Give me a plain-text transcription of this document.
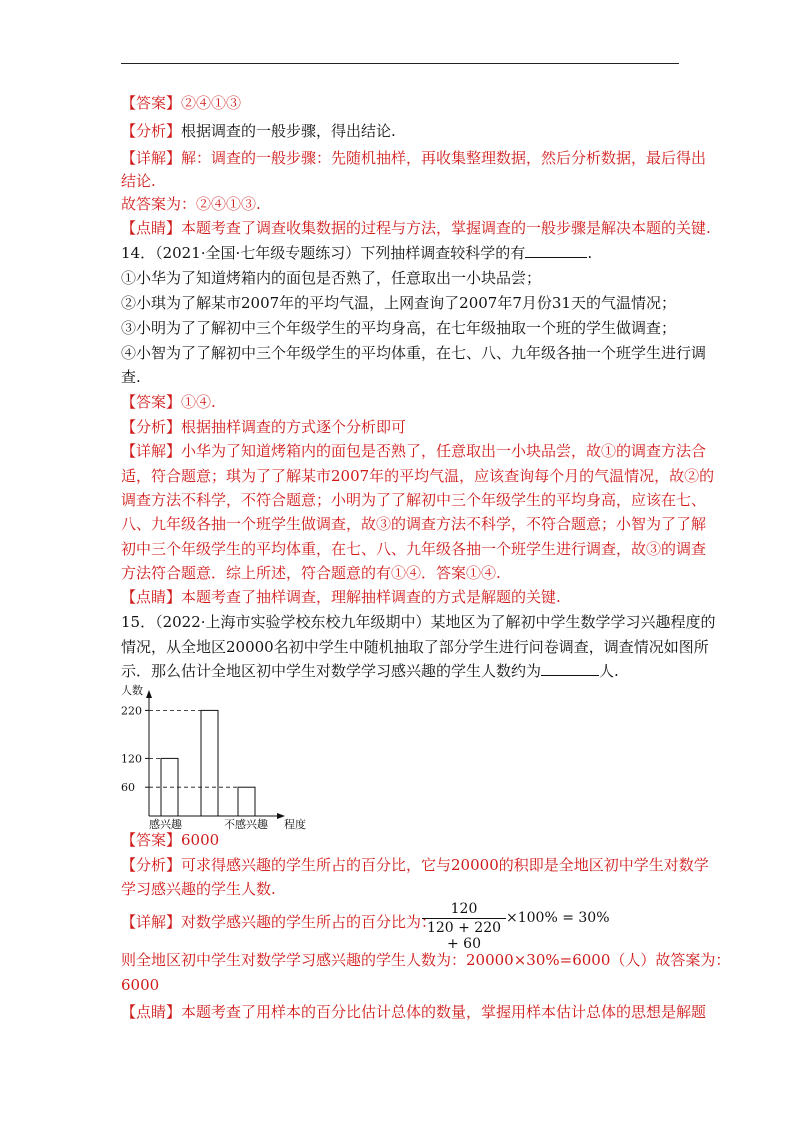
【答案】②④①③
【分析】根据调查的一般步骤，得出结论.
【详解】解：调查的一般步骤：先随机抽样，再收集整理数据，然后分析数据，最后得出
结论.
故答案为：②④①③.
【点睛】本题考查了调查收集数据的过程与方法，掌握调查的一般步骤是解决本题的关键.
14．（2021·全国·七年级专题练习）下列抽样调查较科学的有	.
①小华为了知道烤箱内的面包是否熟了，任意取出一小块品尝；
②小琪为了解某市2007年的平均气温，上网查询了2007年7月份31天的气温情况；
③小明为了了解初中三个年级学生的平均身高，在七年级抽取一个班的学生做调查；
④小智为了了解初中三个年级学生的平均体重，在七、八、九年级各抽一个班学生进行调
查.
【答案】①④.
【分析】根据抽样调查的方式逐个分析即可
【详解】小华为了知道烤箱内的面包是否熟了，任意取出一小块品尝，故①的调查方法合
适，符合题意；琪为了了解某市2007年的平均气温，应该查询每个月的气温情况，故②的
调查方法不科学，不符合题意；小明为了了解初中三个年级学生的平均身高，应该在七、
八、九年级各抽一个班学生做调查，故③的调查方法不科学，不符合题意；小智为了了解
初中三个年级学生的平均体重，在七、八、九年级各抽一个班学生进行调查，故③的调查
方法符合题意．综上所述，符合题意的有①④．答案①④.
【点睛】本题考查了抽样调查，理解抽样调查的方式是解题的关键.
15．（2022·上海市实验学校东校九年级期中）某地区为了解初中学生数学学习兴趣程度的
情况，从全地区20000名初中学生中随机抽取了部分学生进行问卷调查，调查情况如图所
示．那么估计全地区初中学生对数学学习感兴趣的学生人数约为	人.
人数
程度
60
120
220
感兴趣	不感兴趣
【答案】6000
【分析】可求得感兴趣的学生所占的百分比，它与20000的积即是全地区初中学生对数学
学习感兴趣的学生人数.
【详解】对数学感兴趣的学生所占的百分比为：
$\frac{120}{120 + 220 + 60} \times 100\% = 30\%$
则全地区初中学生对数学学习感兴趣的学生人数为：20000×30%=6000（人）故答案为：
6000
【点睛】本题考查了用样本的百分比估计总体的数量，掌握用样本估计总体的思想是解题
